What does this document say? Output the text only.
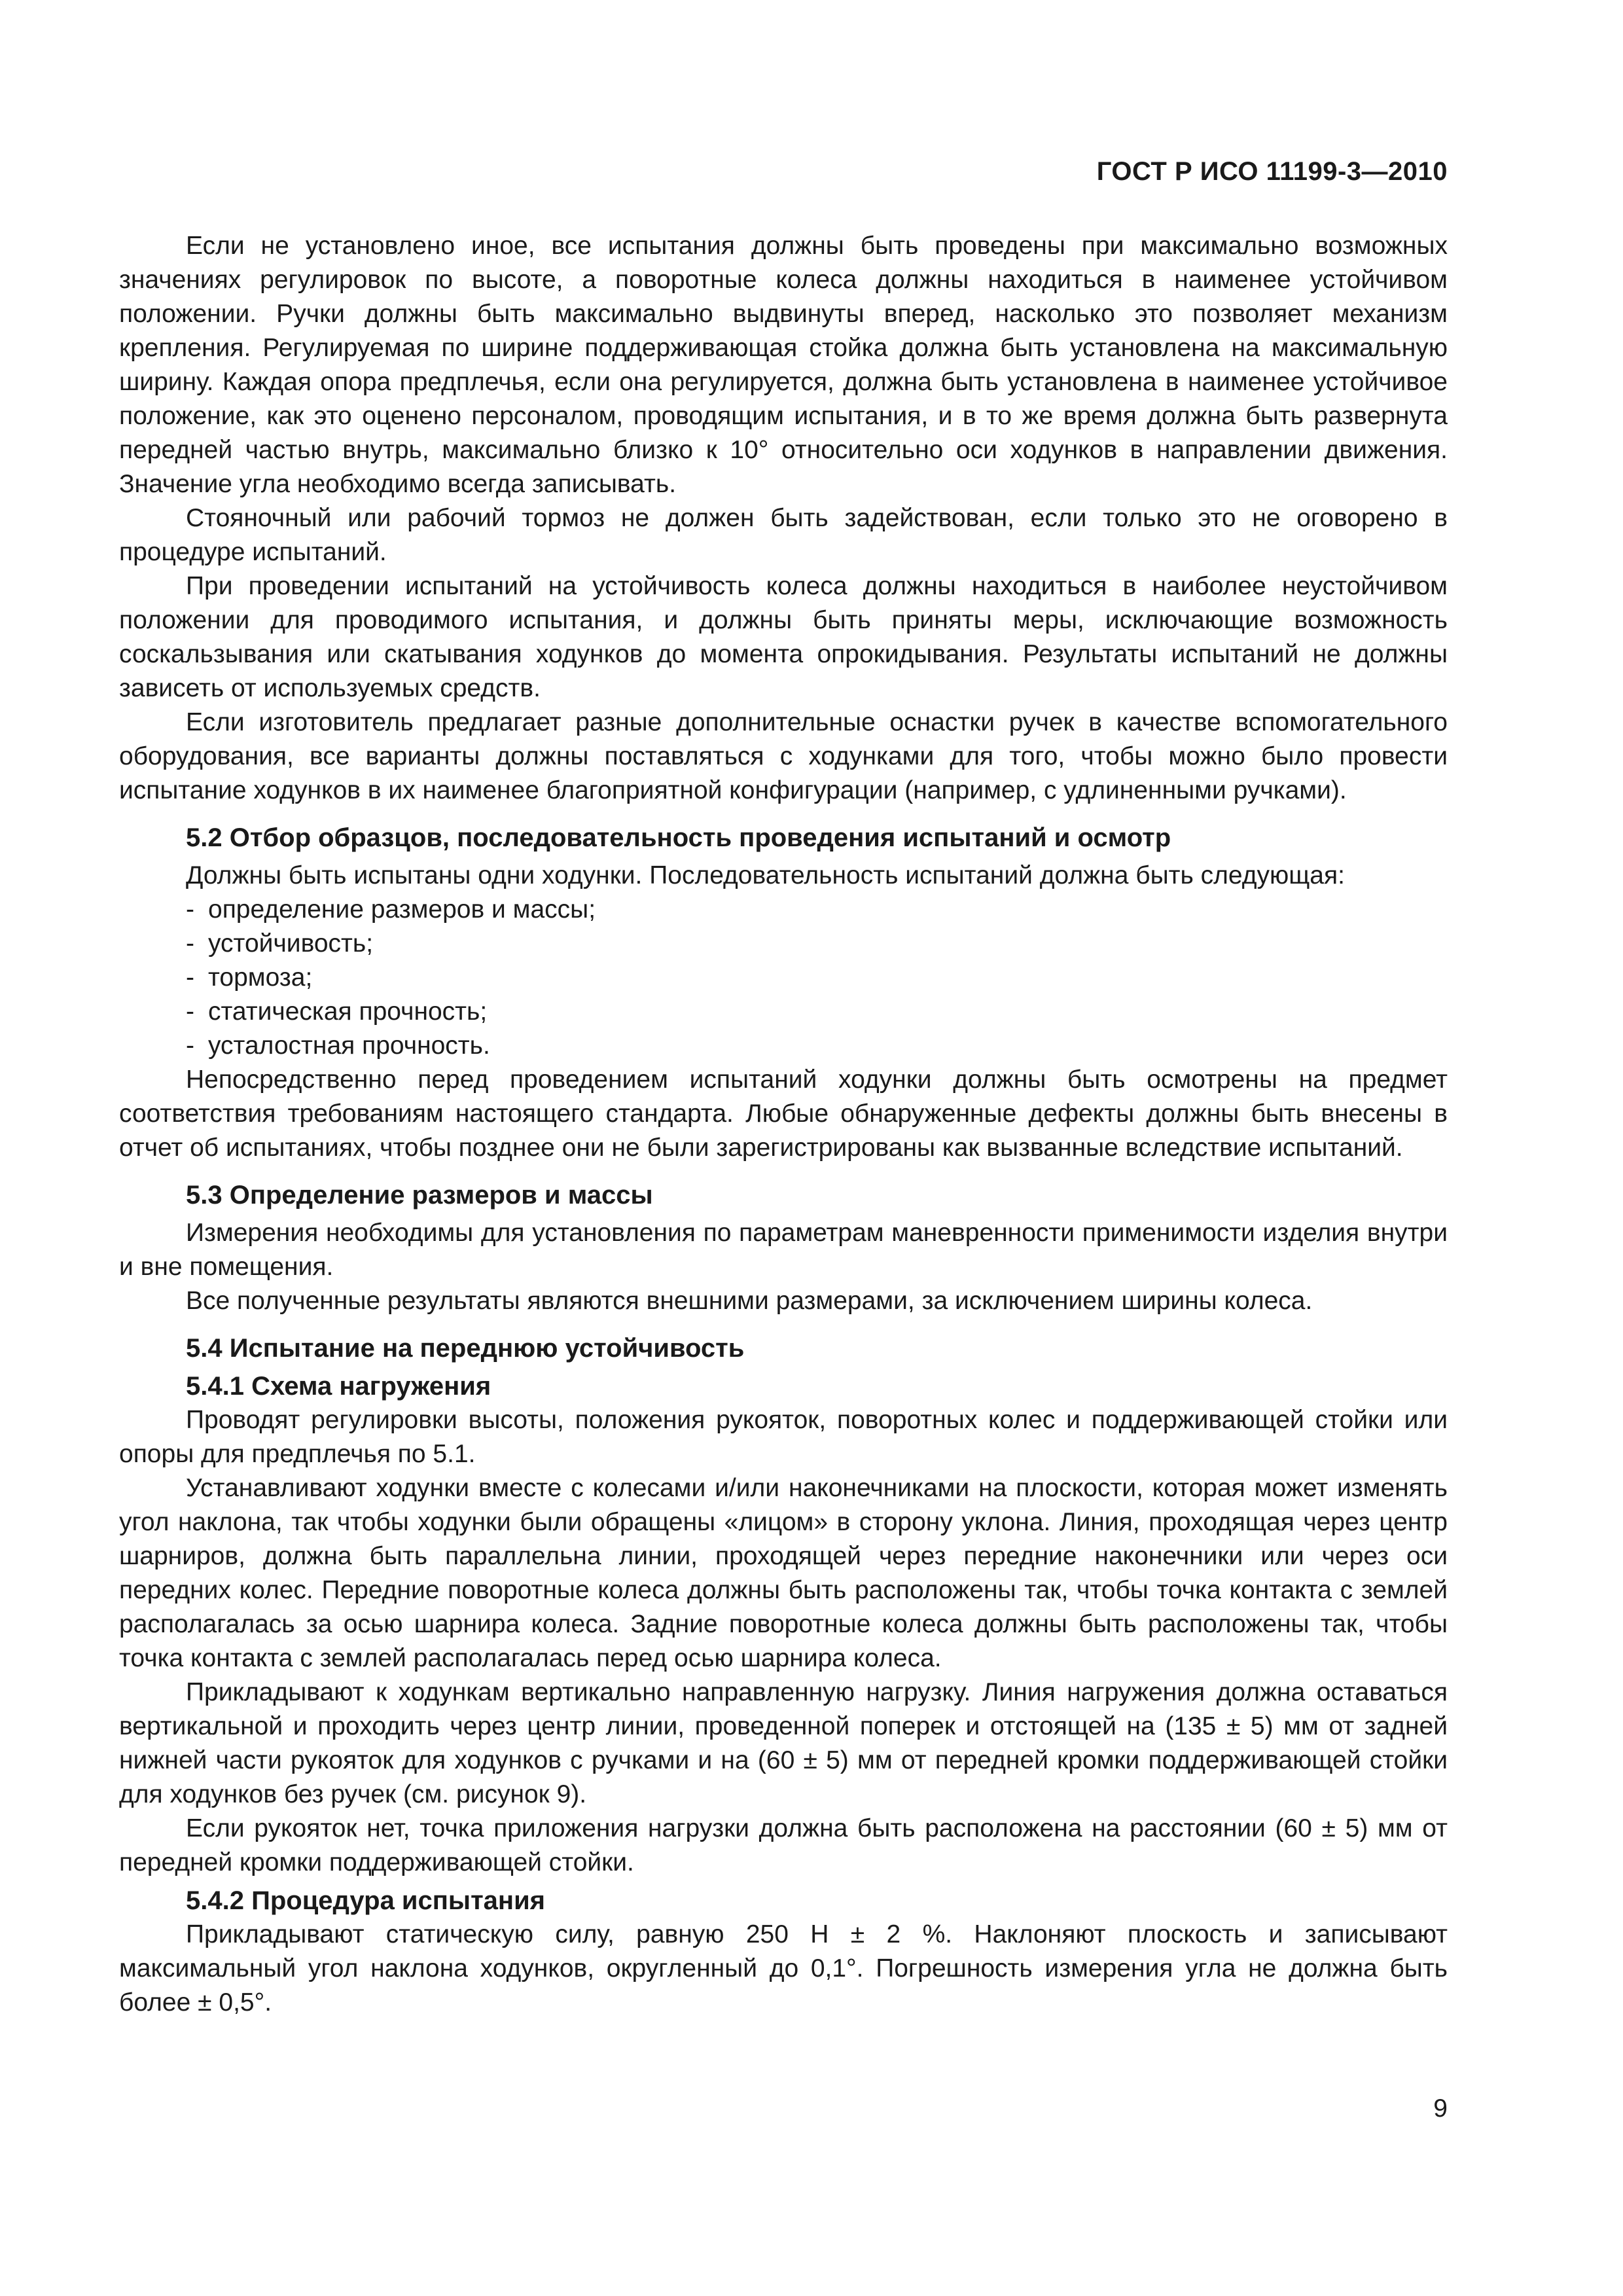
ГОСТ Р ИСО 11199-3—2010

Если не установлено иное, все испытания должны быть проведены при максимально возможных значениях регулировок по высоте, а поворотные колеса должны находиться в наименее устойчивом положении. Ручки должны быть максимально выдвинуты вперед, насколько это позволяет механизм крепления. Регулируемая по ширине поддерживающая стойка должна быть установлена на максимальную ширину. Каждая опора предплечья, если она регулируется, должна быть установлена в наименее устойчивое положение, как это оценено персоналом, проводящим испытания, и в то же время должна быть развернута передней частью внутрь, максимально близко к 10° относительно оси ходунков в направлении движения. Значение угла необходимо всегда записывать.

Стояночный или рабочий тормоз не должен быть задействован, если только это не оговорено в процедуре испытаний.

При проведении испытаний на устойчивость колеса должны находиться в наиболее неустойчивом положении для проводимого испытания, и должны быть приняты меры, исключающие возможность соскальзывания или скатывания ходунков до момента опрокидывания. Результаты испытаний не должны зависеть от используемых средств.

Если изготовитель предлагает разные дополнительные оснастки ручек в качестве вспомогательного оборудования, все варианты должны поставляться с ходунками для того, чтобы можно было провести испытание ходунков в их наименее благоприятной конфигурации (например, с удлиненными ручками).

5.2 Отбор образцов, последовательность проведения испытаний и осмотр

Должны быть испытаны одни ходунки. Последовательность испытаний должна быть следующая:

- определение размеров и массы;
- устойчивость;
- тормоза;
- статическая прочность;
- усталостная прочность.

Непосредственно перед проведением испытаний ходунки должны быть осмотрены на предмет соответствия требованиям настоящего стандарта. Любые обнаруженные дефекты должны быть внесены в отчет об испытаниях, чтобы позднее они не были зарегистрированы как вызванные вследствие испытаний.

5.3 Определение размеров и массы

Измерения необходимы для установления по параметрам маневренности применимости изделия внутри и вне помещения.

Все полученные результаты являются внешними размерами, за исключением ширины колеса.

5.4 Испытание на переднюю устойчивость
5.4.1 Схема нагружения

Проводят регулировки высоты, положения рукояток, поворотных колес и поддерживающей стойки или опоры для предплечья по 5.1.

Устанавливают ходунки вместе с колесами и/или наконечниками на плоскости, которая может изменять угол наклона, так чтобы ходунки были обращены «лицом» в сторону уклона. Линия, проходящая через центр шарниров, должна быть параллельна линии, проходящей через передние наконечники или через оси передних колес. Передние поворотные колеса должны быть расположены так, чтобы точка контакта с землей располагалась за осью шарнира колеса. Задние поворотные колеса должны быть расположены так, чтобы точка контакта с землей располагалась перед осью шарнира колеса.

Прикладывают к ходункам вертикально направленную нагрузку. Линия нагружения должна оставаться вертикальной и проходить через центр линии, проведенной поперек и отстоящей на (135 ± 5) мм от задней нижней части рукояток для ходунков с ручками и на (60 ± 5) мм от передней кромки поддерживающей стойки для ходунков без ручек (см. рисунок 9).

Если рукояток нет, точка приложения нагрузки должна быть расположена на расстоянии (60 ± 5) мм от передней кромки поддерживающей стойки.

5.4.2 Процедура испытания

Прикладывают статическую силу, равную 250 Н ± 2 %. Наклоняют плоскость и записывают максимальный угол наклона ходунков, округленный до 0,1°. Погрешность измерения угла не должна быть более ± 0,5°.

9
